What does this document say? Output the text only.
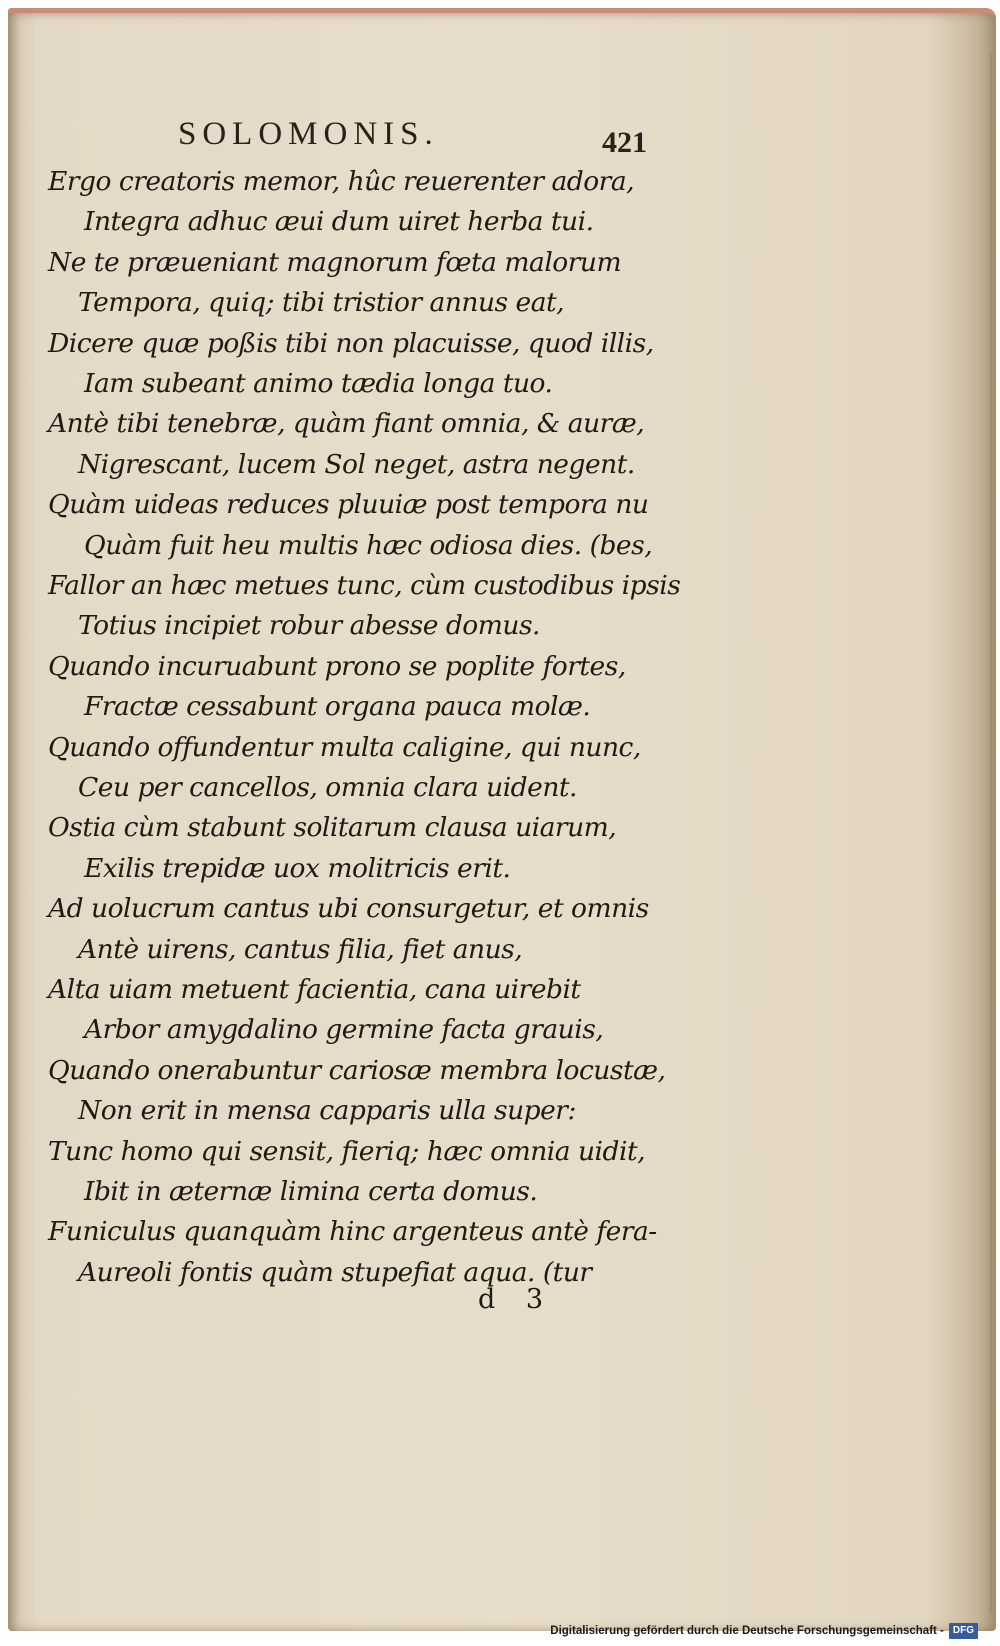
SOLOMONIS.	421
Ergo creatoris memor, hûc reuerenter adora,
Integra adhuc æui dum uiret herba tui.
Ne te præueniant magnorum fœta malorum
Tempora, quiq; tibi tristior annus eat,
Dicere quæ poßis tibi non placuisse, quod illis,
Iam subeant animo tædia longa tuo.
Antè tibi tenebræ, quàm fiant omnia, & auræ,
Nigrescant, lucem Sol neget, astra negent.
Quàm uideas reduces pluuiæ post tempora nu
Quàm fuit heu multis hæc odiosa dies. (bes,
Fallor an hæc metues tunc, cùm custodibus ipsis
Totius incipiet robur abesse domus.
Quando incuruabunt prono se poplite fortes,
Fractæ cessabunt organa pauca molæ.
Quando offundentur multa caligine, qui nunc,
Ceu per cancellos, omnia clara uident.
Ostia cùm stabunt solitarum clausa uiarum,
Exilis trepidæ uox molitricis erit.
Ad uolucrum cantus ubi consurgetur, et omnis
Antè uirens, cantus filia, fiet anus,
Alta uiam metuent facientia, cana uirebit
Arbor amygdalino germine facta grauis,
Quando onerabuntur cariosæ membra locustæ,
Non erit in mensa capparis ulla super:
Tunc homo qui sensit, fieriq; hæc omnia uidit,
Ibit in æternæ limina certa domus.
Funiculus quanquàm hinc argenteus antè fera-
Aureoli fontis quàm stupefiat aqua. (tur
d 3
Digitalisierung gefördert durch die Deutsche Forschungsgemeinschaft - DFG
